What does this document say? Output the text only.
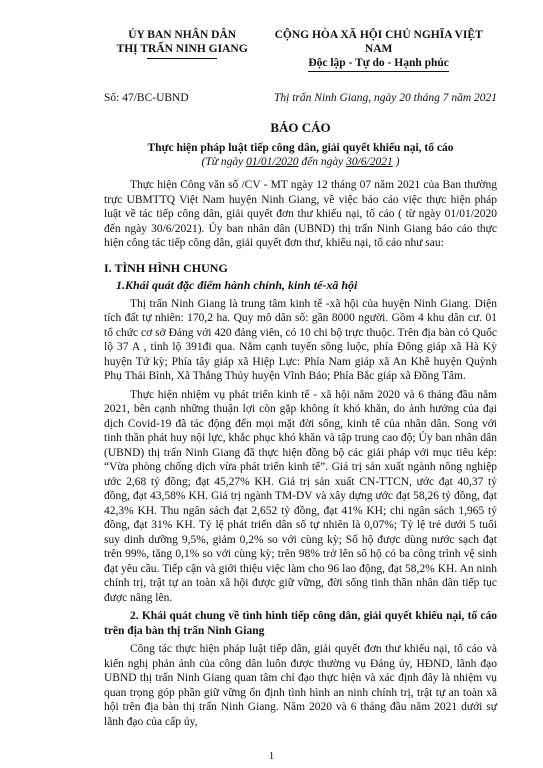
ỦY BAN NHÂN DÂN
THỊ TRẤN NINH GIANG
CỘNG HÒA XÃ HỘI CHỦ NGHĨA VIỆT NAM
Độc lập - Tự do - Hạnh phúc
Số: 47/BC-UBND	Thị trấn Ninh Giang, ngày 20 tháng 7 năm 2021
BÁO CÁO
Thực hiện pháp luật tiếp công dân, giải quyết khiếu nại, tố cáo
(Từ ngày 01/01/2020 đến ngày 30/6/2021 )

Thực hiện Công văn số /CV - MT ngày 12 tháng 07 năm 2021 của Ban thường trực UBMTTQ Việt Nam huyện Ninh Giang, về việc báo cáo việc thực hiện pháp luật về tác tiếp công dân, giải quyết đơn thư khiếu nại, tố cáo ( từ ngày 01/01/2020 đến ngày 30/6/2021). Ủy ban nhân dân (UBND) thị trấn Ninh Giang báo cáo thực hiện công tác tiếp công dân, giải quyết đơn thư, khiếu nại, tố cáo như sau:

I. TÌNH HÌNH CHUNG

1.Khái quát đặc điểm hành chính, kinh tế-xã hội

Thị trấn Ninh Giang là trung tâm kinh tế -xã hội của huyện Ninh Giang. Diện tích đất tự nhiên: 170,2 ha. Quy mô dân số: gần 8000 người. Gồm 4 khu dân cư. 01 tổ chức cơ sở Đảng với 420 đảng viên, có 10 chi bộ trực thuộc. Trên địa bàn có Quốc lộ 37 A , tỉnh lộ 391đi qua. Nằm cạnh tuyến sông luộc, phía Đông giáp xã Hà Kỳ huyện Tứ kỳ; Phía tây giáp xã Hiệp Lực: Phía Nam giáp xã An Khê huyện Quỳnh Phụ Thái Bình, Xã Thắng Thủy huyện Vĩnh Bảo; Phía Bắc giáp xã Đồng Tâm.

Thực hiện nhiệm vụ phát triển kinh tế - xã hội năm 2020 và 6 tháng đầu năm 2021, bên cạnh những thuận lợi còn gặp không ít khó khăn, do ảnh hưởng của đại dịch Covid-19 đã tác động đến mọi mặt đời sống, kinh tế của nhân dân. Song với tinh thần phát huy nội lực, khắc phục khó khăn và tập trung cao độ; Ủy ban nhân dân (UBND) thị trấn Ninh Giang đã thực hiện đồng bộ các giải pháp với mục tiêu kép: “Vừa phòng chống dịch vừa phát triển kinh tế”. Giá trị sản xuất ngành nông nghiệp ước 2,68 tỷ đồng; đạt 45,27% KH. Giá trị sản xuất CN-TTCN, ước đạt 40,37 tỷ đồng, đạt 43,58% KH. Giá trị ngành TM-DV và xây dựng ước đạt 58,26 tỷ đồng, đạt 42,3% KH. Thu ngân sách đạt 2,652 tỷ đồng, đạt 41% KH; chi ngân sách 1,965 tỷ đồng, đạt 31% KH. Tỷ lệ phát triển dân số tự nhiên là 0,07%; Tỷ lệ trẻ dưới 5 tuổi suy dinh dưỡng 9,5%, giảm 0,2% so với cùng kỳ; Số hộ được dùng nước sạch đạt trên 99%, tăng 0,1% so với cùng kỳ; trên 98% trở lên số hộ có ba công trình vệ sinh đạt yêu cầu. Tiếp cận và giới thiệu việc làm cho 96 lao động, đạt 58,2% KH. An ninh chính trị, trật tự an toàn xã hội được giữ vững, đời sống tinh thần nhân dân tiếp tục được nâng lên.

2. Khái quát chung về tình hình tiếp công dân, giải quyết khiếu nại, tố cáo trên địa bàn thị trấn Ninh Giang

Công tác thực hiện pháp luật tiếp dân, giải quyết đơn thư khiếu nại, tố cáo và kiến nghị phản ánh của công dân luôn được thường vụ Đảng ủy, HĐND, lãnh đạo UBND thị trấn Ninh Giang quan tâm chỉ đạo thực hiện và xác định đây là nhiệm vụ quan trọng góp phần giữ vững ổn định tình hình an ninh chính trị, trật tự an toàn xã hội trên địa bàn thị trấn Ninh Giang. Năm 2020 và 6 tháng đầu năm 2021 dưới sự lãnh đạo của cấp ủy,

1
